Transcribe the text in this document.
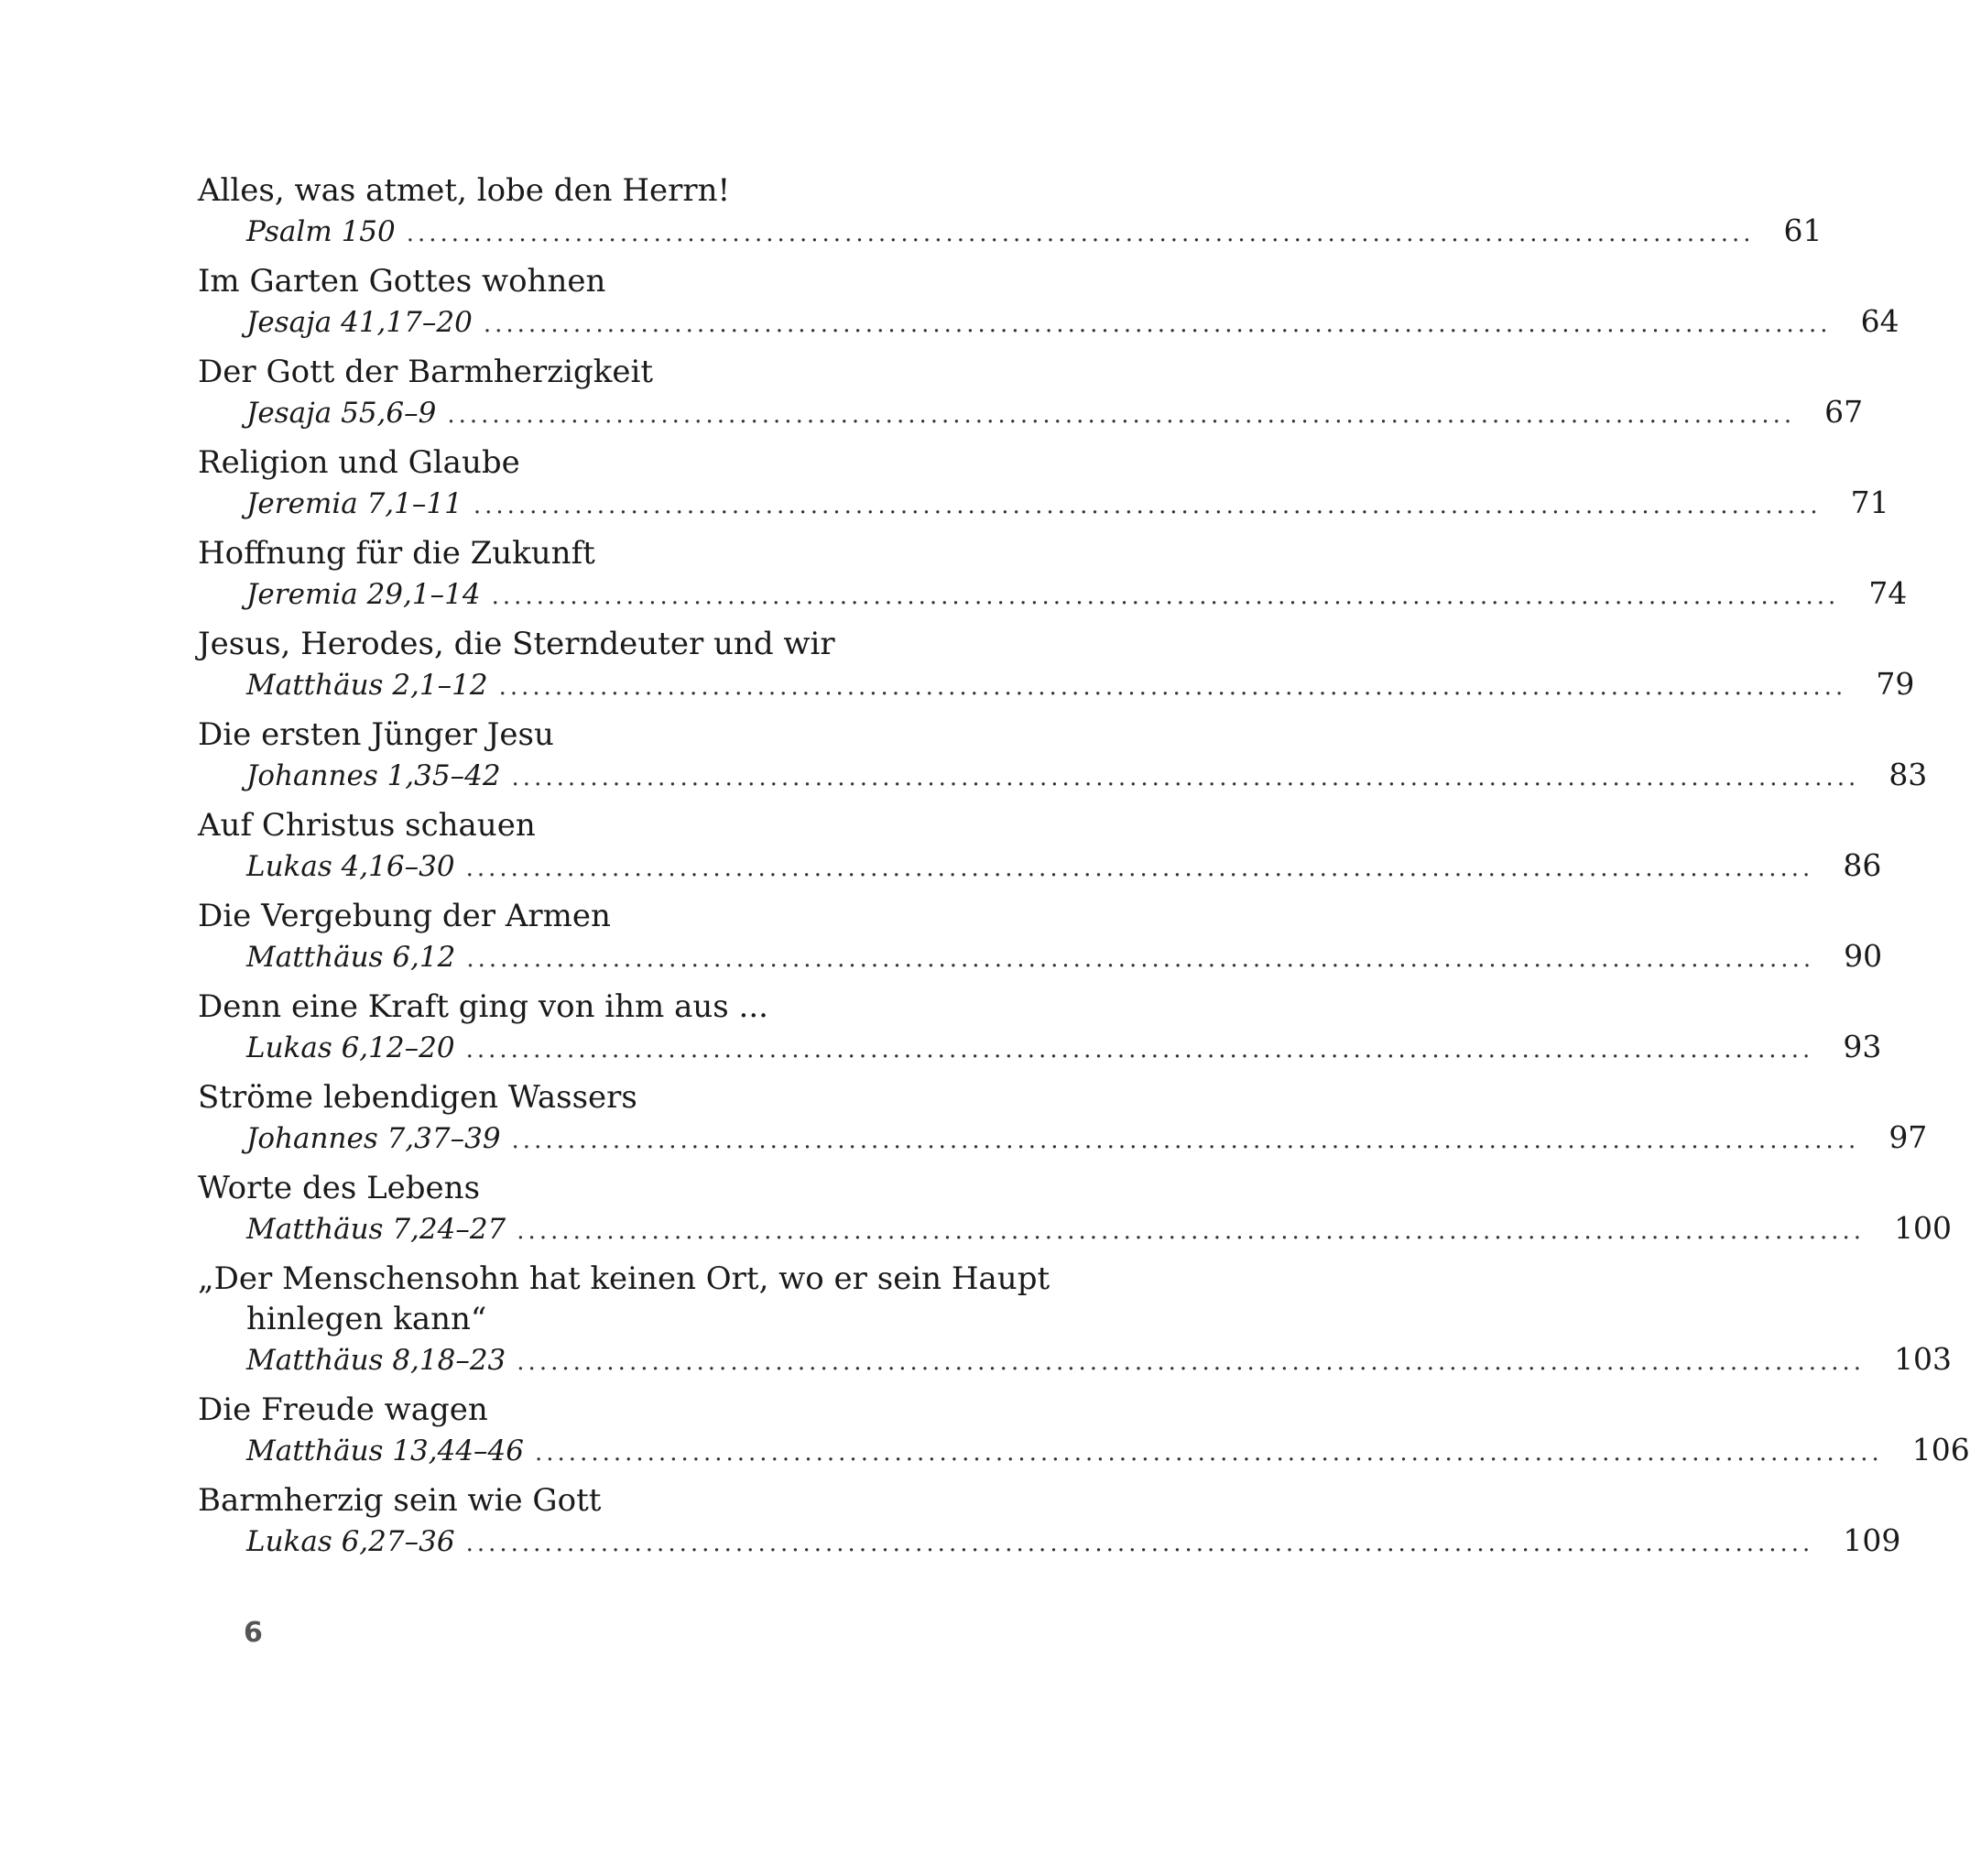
Alles, was atmet, lobe den Herrn!
Psalm 150 ........................................................................................................................ 61
Im Garten Gottes wohnen
Jesaja 41,17–20 ........................................................................................................................ 64
Der Gott der Barmherzigkeit
Jesaja 55,6–9 ........................................................................................................................ 67
Religion und Glaube
Jeremia 7,1–11 ........................................................................................................................ 71
Hoffnung für die Zukunft
Jeremia 29,1–14 ........................................................................................................................ 74
Jesus, Herodes, die Sterndeuter und wir
Matthäus 2,1–12 ........................................................................................................................ 79
Die ersten Jünger Jesu
Johannes 1,35–42 ........................................................................................................................ 83
Auf Christus schauen
Lukas 4,16–30 ........................................................................................................................ 86
Die Vergebung der Armen
Matthäus 6,12 ........................................................................................................................ 90
Denn eine Kraft ging von ihm aus ...
Lukas 6,12–20 ........................................................................................................................ 93
Ströme lebendigen Wassers
Johannes 7,37–39 ........................................................................................................................ 97
Worte des Lebens
Matthäus 7,24–27 ........................................................................................................................ 100
„Der Menschensohn hat keinen Ort, wo er sein Haupt
hinlegen kann“
Matthäus 8,18–23 ........................................................................................................................ 103
Die Freude wagen
Matthäus 13,44–46 ........................................................................................................................ 106
Barmherzig sein wie Gott
Lukas 6,27–36 ........................................................................................................................ 109
6
